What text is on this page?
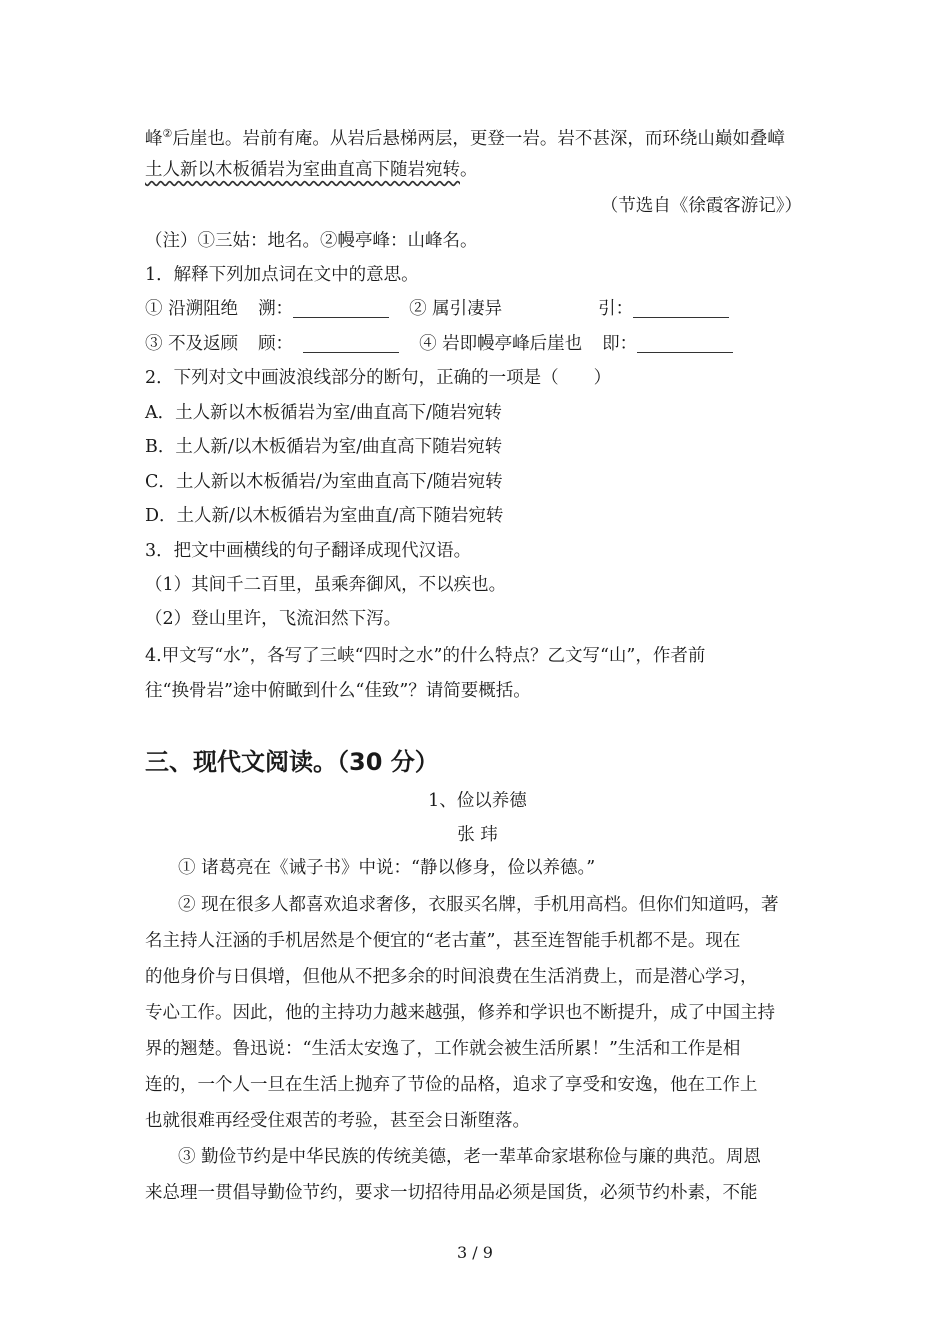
峰②后崖也。岩前有庵。从岩后悬梯两层，更登一岩。岩不甚深，而环绕山巅如叠嶂
土人新以木板循岩为室曲直高下随岩宛转。
（节选自《徐霞客游记》）
（注）①三姑：地名。②幔亭峰：山峰名。
1．解释下列加点词在文中的意思。
① 沿溯阻绝 溯：	② 属引凄异	引：
③ 不及返顾 顾：	④ 岩即幔亭峰后崖也 即：
2．下列对文中画波浪线部分的断句，正确的一项是（　　）
A．土人新以木板循岩为室/曲直高下/随岩宛转
B．土人新/以木板循岩为室/曲直高下随岩宛转
C．土人新以木板循岩/为室曲直高下/随岩宛转
D．土人新/以木板循岩为室曲直/高下随岩宛转
3．把文中画横线的句子翻译成现代汉语。
（1）其间千二百里，虽乘奔御风，不以疾也。
（2）登山里许，飞流汩然下泻。
4.甲文写“水”，各写了三峡“四时之水”的什么特点？乙文写“山”，作者前
往“换骨岩”途中俯瞰到什么“佳致”？请简要概括。
三、现代文阅读。（30 分）
1、俭以养德
张 玮
① 诸葛亮在《诫子书》中说：“静以修身，俭以养德。”
② 现在很多人都喜欢追求奢侈，衣服买名牌，手机用高档。但你们知道吗，著
名主持人汪涵的手机居然是个便宜的“老古董”，甚至连智能手机都不是。现在
的他身价与日俱增，但他从不把多余的时间浪费在生活消费上，而是潜心学习，
专心工作。因此，他的主持功力越来越强，修养和学识也不断提升，成了中国主持
界的翘楚。鲁迅说：“生活太安逸了，工作就会被生活所累！”生活和工作是相
连的，一个人一旦在生活上抛弃了节俭的品格，追求了享受和安逸，他在工作上
也就很难再经受住艰苦的考验，甚至会日渐堕落。
③ 勤俭节约是中华民族的传统美德，老一辈革命家堪称俭与廉的典范。周恩
来总理一贯倡导勤俭节约，要求一切招待用品必须是国货，必须节约朴素，不能
3 / 9
